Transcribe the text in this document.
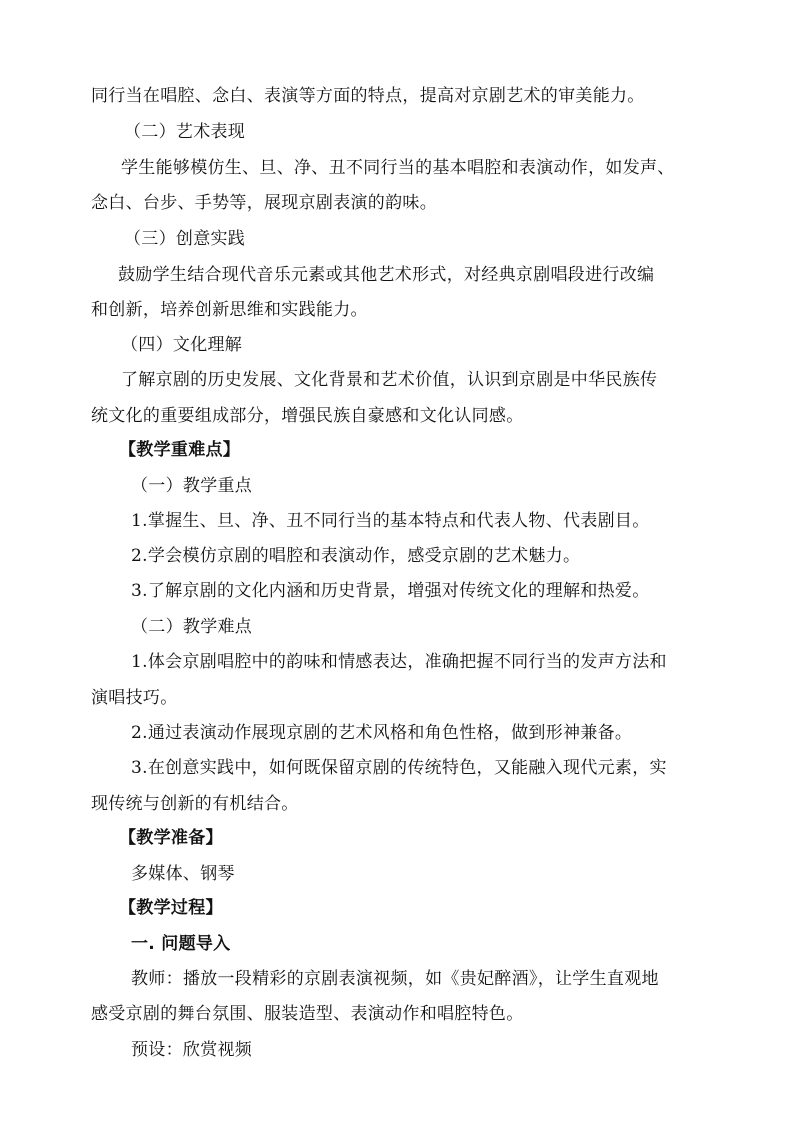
同行当在唱腔、念白、表演等方面的特点，提高对京剧艺术的审美能力。
（二）艺术表现
学生能够模仿生、旦、净、丑不同行当的基本唱腔和表演动作，如发声、
念白、台步、手势等，展现京剧表演的韵味。
（三）创意实践
鼓励学生结合现代音乐元素或其他艺术形式，对经典京剧唱段进行改编
和创新，培养创新思维和实践能力。
（四）文化理解
了解京剧的历史发展、文化背景和艺术价值，认识到京剧是中华民族传
统文化的重要组成部分，增强民族自豪感和文化认同感。
【教学重难点】
（一）教学重点
1.掌握生、旦、净、丑不同行当的基本特点和代表人物、代表剧目。
2.学会模仿京剧的唱腔和表演动作，感受京剧的艺术魅力。
3.了解京剧的文化内涵和历史背景，增强对传统文化的理解和热爱。
（二）教学难点
1.体会京剧唱腔中的韵味和情感表达，准确把握不同行当的发声方法和
演唱技巧。
2.通过表演动作展现京剧的艺术风格和角色性格，做到形神兼备。
3.在创意实践中，如何既保留京剧的传统特色，又能融入现代元素，实
现传统与创新的有机结合。
【教学准备】
多媒体、钢琴
【教学过程】
一. 问题导入
教师：播放一段精彩的京剧表演视频，如《贵妃醉酒》，让学生直观地
感受京剧的舞台氛围、服装造型、表演动作和唱腔特色。
预设：欣赏视频
